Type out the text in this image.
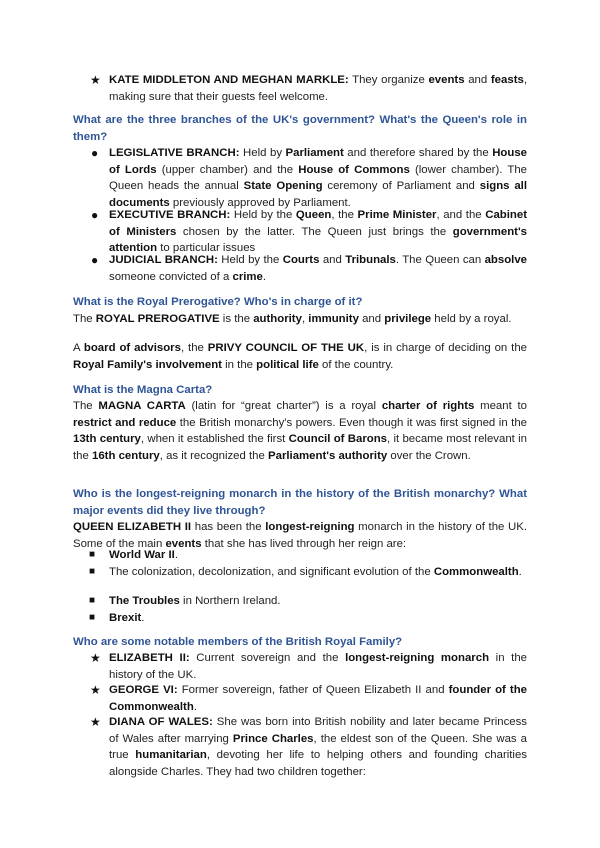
★ KATE MIDDLETON AND MEGHAN MARKLE: They organize events and feasts, making sure that their guests feel welcome.

What are the three branches of the UK's government? What's the Queen's role in them?

● LEGISLATIVE BRANCH: Held by Parliament and therefore shared by the House of Lords (upper chamber) and the House of Commons (lower chamber). The Queen heads the annual State Opening ceremony of Parliament and signs all documents previously approved by Parliament.

● EXECUTIVE BRANCH: Held by the Queen, the Prime Minister, and the Cabinet of Ministers chosen by the latter. The Queen just brings the government's attention to particular issues

● JUDICIAL BRANCH: Held by the Courts and Tribunals. The Queen can absolve someone convicted of a crime.

What is the Royal Prerogative? Who's in charge of it?

The ROYAL PREROGATIVE is the authority, immunity and privilege held by a royal.

A board of advisors, the PRIVY COUNCIL OF THE UK, is in charge of deciding on the Royal Family's involvement in the political life of the country.

What is the Magna Carta?

The MAGNA CARTA (latin for “great charter”) is a royal charter of rights meant to restrict and reduce the British monarchy's powers. Even though it was first signed in the 13th century, when it established the first Council of Barons, it became most relevant in the 16th century, as it recognized the Parliament's authority over the Crown.

Who is the longest-reigning monarch in the history of the British monarchy? What major events did they live through?

QUEEN ELIZABETH II has been the longest-reigning monarch in the history of the UK. Some of the main events that she has lived through her reign are:

■ World War II.

■ The colonization, decolonization, and significant evolution of the Commonwealth.

■ The Troubles in Northern Ireland.

■ Brexit.

Who are some notable members of the British Royal Family?

★ ELIZABETH II: Current sovereign and the longest-reigning monarch in the history of the UK.

★ GEORGE VI: Former sovereign, father of Queen Elizabeth II and founder of the Commonwealth.

★ DIANA OF WALES: She was born into British nobility and later became Princess of Wales after marrying Prince Charles, the eldest son of the Queen. She was a true humanitarian, devoting her life to helping others and founding charities alongside Charles. They had two children together:
